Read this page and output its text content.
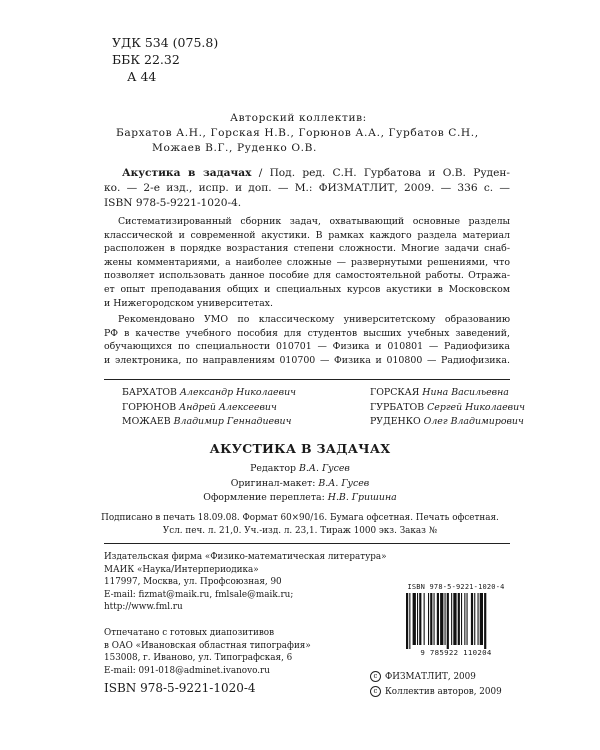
УДК 534 (075.8)
ББК 22.32
А 44
Авторский коллектив:
Бархатов А.Н., Горская Н.В., Горюнов А.А., Гурбатов С.Н.,
Можаев В.Г., Руденко О.В.
Акустика в задачах / Под. ред. С.Н. Гурбатова и О.В. Руден-
ко. — 2-е изд., испр. и доп. — М.: ФИЗМАТЛИТ, 2009. — 336 с. —
ISBN 978-5-9221-1020-4.
Систематизированный сборник задач, охватывающий основные разделы
классической и современной акустики. В рамках каждого раздела материал
расположен в порядке возрастания степени сложности. Многие задачи снаб-
жены комментариями, а наиболее сложные — развернутыми решениями, что
позволяет использовать данное пособие для самостоятельной работы. Отража-
ет опыт преподавания общих и специальных курсов акустики в Московском
и Нижегородском университетах.
Рекомендовано УМО по классическому университетскому образованию
РФ в качестве учебного пособия для студентов высших учебных заведений,
обучающихся по специальности 010701 — Физика и 010801 — Радиофизика
и электроника, по направлениям 010700 — Физика и 010800 — Радиофизика.
БАРХАТОВ Александр Николаевич	ГОРСКАЯ Нина Васильевна
ГОРЮНОВ Андрей Алексеевич	ГУРБАТОВ Сергей Николаевич
МОЖАЕВ Владимир Геннадиевич	РУДЕНКО Олег Владимирович
АКУСТИКА В ЗАДАЧАХ
Редактор В.А. Гусев
Оригинал-макет: В.А. Гусев
Оформление переплета: Н.В. Гришина
Подписано в печать 18.09.08. Формат 60×90/16. Бумага офсетная. Печать офсетная.
Усл. печ. л. 21,0. Уч.-изд. л. 23,1. Тираж 1000 экз. Заказ №
Издательская фирма «Физико-математическая литература»
МАИК «Наука/Интерпериодика»
117997, Москва, ул. Профсоюзная, 90
E-mail: fizmat@maik.ru, fmlsale@maik.ru;
http://www.fml.ru
Отпечатано с готовых диапозитивов
в ОАО «Ивановская областная типография»
153008, г. Иваново, ул. Типографская, 6
E-mail: 091-018@adminet.ivanovo.ru
ISBN 978-5-9221-1020-4
9 785922 110204
ISBN 978-5-9221-1020-4
c ФИЗМАТЛИТ, 2009
c Коллектив авторов, 2009
